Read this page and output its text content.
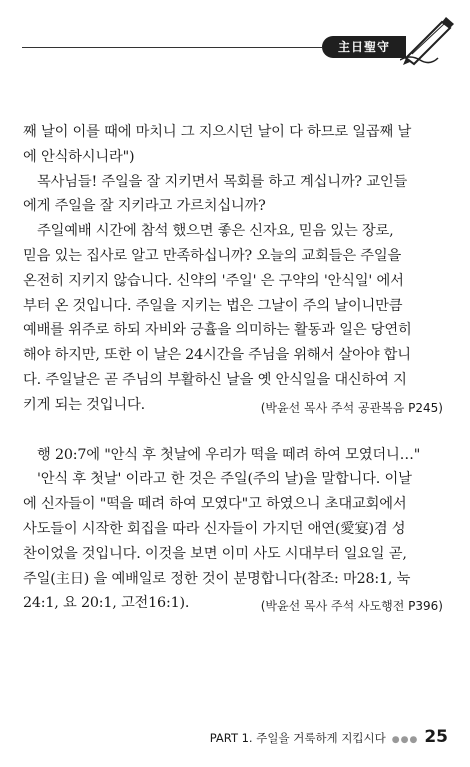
主日聖守

째 날이 이를 때에 마치니 그 지으시던 날이 다 하므로 일곱째 날

에 안식하시니라")

목사님들! 주일을 잘 지키면서 목회를 하고 계십니까? 교인들

에게 주일을 잘 지키라고 가르치십니까?

주일예배 시간에 참석 했으면 좋은 신자요, 믿음 있는 장로,

믿음 있는 집사로 알고 만족하십니까? 오늘의 교회들은 주일을

온전히 지키지 않습니다. 신약의 '주일' 은 구약의 '안식일' 에서

부터 온 것입니다. 주일을 지키는 법은 그날이 주의 날이니만큼

예배를 위주로 하되 자비와 긍휼을 의미하는 활동과 일은 당연히

해야 하지만, 또한 이 날은 24시간을 주님을 위해서 살아야 합니

다. 주일날은 곧 주님의 부활하신 날을 옛 안식일을 대신하여 지

키게 되는 것입니다.	(박윤선 목사 주석 공관복음 P245)

행 20:7에 "안식 후 첫날에 우리가 떡을 떼려 하여 모였더니…"

'안식 후 첫날' 이라고 한 것은 주일(주의 날)을 말합니다. 이날

에 신자들이 "떡을 떼려 하여 모였다"고 하였으니 초대교회에서

사도들이 시작한 회집을 따라 신자들이 가지던 애연(愛宴)겸 성

찬이었을 것입니다. 이것을 보면 이미 사도 시대부터 일요일 곧,

주일(主日) 을 예배일로 정한 것이 분명합니다(참조: 마28:1, 눅

24:1, 요 20:1, 고전16:1).	(박윤선 목사 주석 사도행전 P396)
PART 1. 주일을 거룩하게 지킵시다 ●●● 25
